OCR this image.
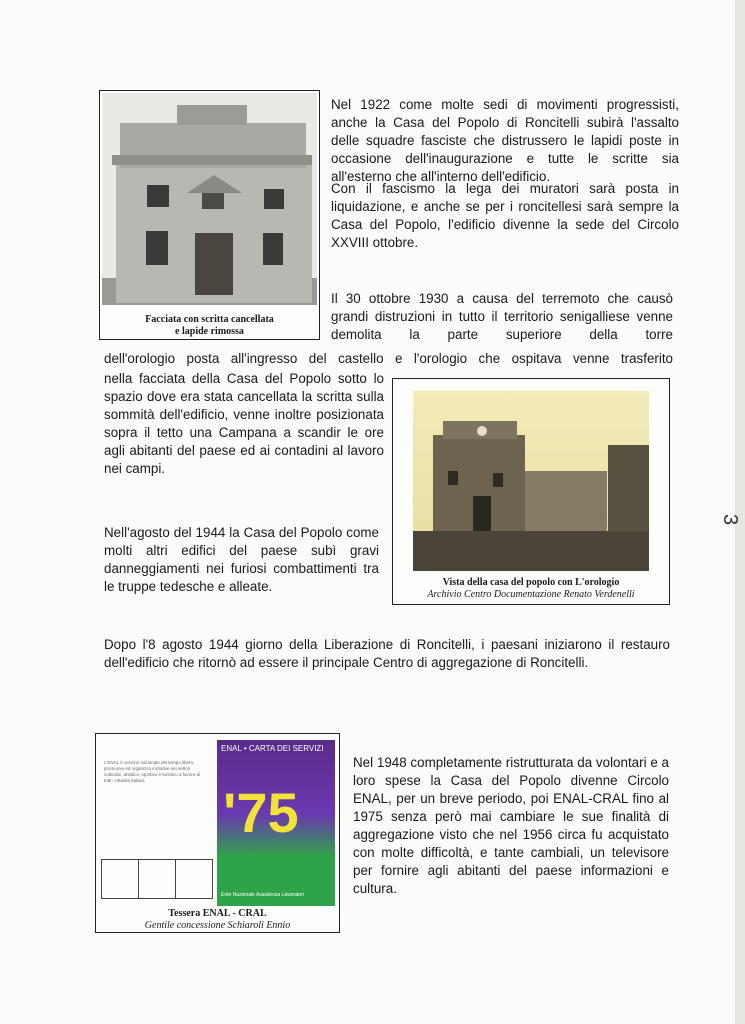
3
Facciata con scritta cancellata
e lapide rimossa

Nel 1922 come molte sedi di movimenti progressisti, anche la Casa del Popolo di Roncitelli subirà l'assalto delle squadre fasciste che distrussero le lapidi poste in occasione dell'inaugurazione e tutte le scritte sia all'esterno che all'interno dell'edificio.

Con il fascismo la lega dei muratori sarà posta in liquidazione, e anche se per i roncitellesi sarà sempre la Casa del Popolo, l'edificio divenne la sede del Circolo XXVIII ottobre.

Il 30 ottobre 1930 a causa del terremoto che causò grandi distruzioni in tutto il territorio senigalliese venne demolita la parte superiore della torre

dell'orologio posta all'ingresso del castello e l'orologio che ospitava venne trasferito

nella facciata della Casa del Popolo sotto lo spazio dove era stata cancellata la scritta sulla sommità dell'edificio, venne inoltre posizionata sopra il tetto una Campana a scandir le ore agli abitanti del paese ed ai contadini al lavoro nei campi.

Vista della casa del popolo con L'orologio
Archivio Centro Documentazione Renato Verdenelli

Nell'agosto del 1944 la Casa del Popolo come molti altri edifici del paese subì gravi danneggiamenti nei furiosi combattimenti tra le truppe tedesche e alleate.

Dopo l'8 agosto 1944 giorno della Liberazione di Roncitelli, i paesani iniziarono il restauro dell'edificio che ritornò ad essere il principale Centro di aggregazione di Roncitelli.

L'ENAL è servizio nazionale del tempo libero, promuove ed organizza iniziative nei settori culturale, artistico, sportivo e turistico a favore di tutti i cittadini italiani.
ENAL • CARTA DEI SERVIZI
'75
Ente Nazionale Assistenza Lavoratori
Tessera ENAL - CRAL
Gentile concessione Schiaroli Ennio

Nel 1948 completamente ristrutturata da volontari e a loro spese la Casa del Popolo divenne Circolo ENAL, per un breve periodo, poi ENAL-CRAL fino al 1975 senza però mai cambiare le sue finalità di aggregazione visto che nel 1956 circa fu acquistato con molte difficoltà, e tante cambiali, un televisore per fornire agli abitanti del paese informazioni e cultura.
